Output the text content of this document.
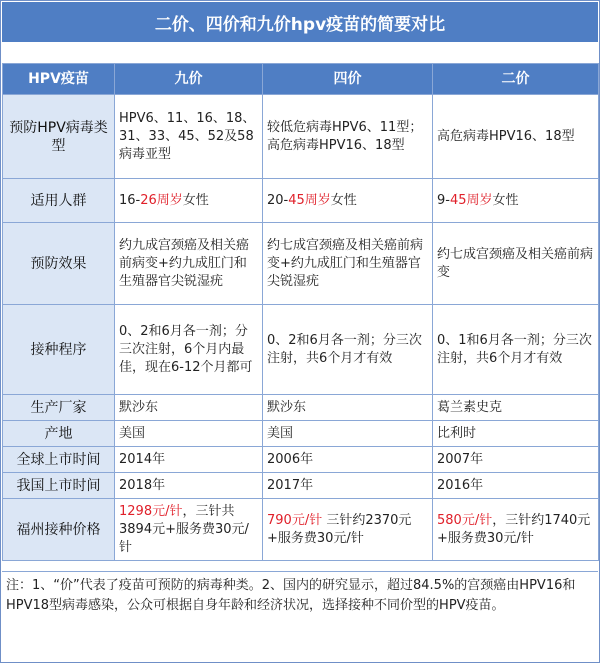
二价、四价和九价hpv疫苗的简要对比
HPV疫苗	九价	四价	二价
预防HPV病毒类型	HPV6、11、16、18、31、33、45、52及58病毒亚型	较低危病毒HPV6、11型；高危病毒HPV16、18型	高危病毒HPV16、18型
适用人群	16-26周岁女性	20-45周岁女性	9-45周岁女性
预防效果	约九成宫颈癌及相关癌前病变+约九成肛门和生殖器官尖锐湿疣	约七成宫颈癌及相关癌前病变+约九成肛门和生殖器官尖锐湿疣	约七成宫颈癌及相关癌前病变
接种程序	0、2和6月各一剂；分三次注射，6个月内最佳，现在6-12个月都可	0、2和6月各一剂；分三次注射，共6个月才有效	0、1和6月各一剂；分三次注射，共6个月才有效
生产厂家	默沙东	默沙东	葛兰素史克
产地	美国	美国	比利时
全球上市时间	2014年	2006年	2007年
我国上市时间	2018年	2017年	2016年
福州接种价格	1298元/针，三针共3894元+服务费30元/针	790元/针 三针约2370元+服务费30元/针	580元/针，三针约1740元+服务费30元/针
注：1、“价”代表了疫苗可预防的病毒种类。2、国内的研究显示，超过84.5%的宫颈癌由HPV16和HPV18型病毒感染，公众可根据自身年龄和经济状况，选择接种不同价型的HPV疫苗。
